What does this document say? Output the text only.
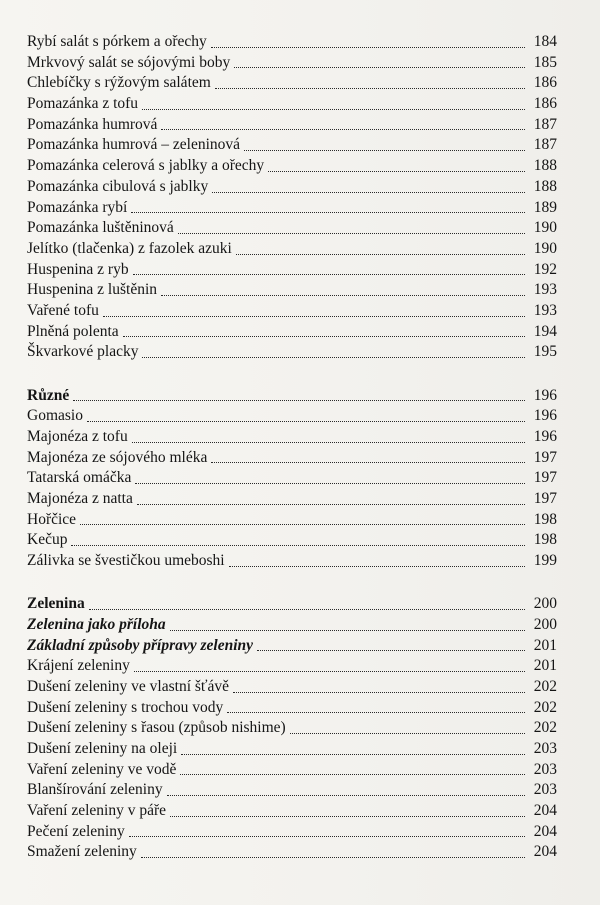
Rybí salát s pórkem a ořechy	184
Mrkvový salát se sójovými boby	185
Chlebíčky s rýžovým salátem	186
Pomazánka z tofu	186
Pomazánka humrová	187
Pomazánka humrová – zeleninová	187
Pomazánka celerová s jablky a ořechy	188
Pomazánka cibulová s jablky	188
Pomazánka rybí	189
Pomazánka luštěninová	190
Jelítko (tlačenka) z fazolek azuki	190
Huspenina z ryb	192
Huspenina z luštěnin	193
Vařené tofu	193
Plněná polenta	194
Škvarkové placky	195
Různé	196
Gomasio	196
Majonéza z tofu	196
Majonéza ze sójového mléka	197
Tatarská omáčka	197
Majonéza z natta	197
Hořčice	198
Kečup	198
Zálivka se švestičkou umeboshi	199
Zelenina	200
Zelenina jako příloha	200
Základní způsoby přípravy zeleniny	201
Krájení zeleniny	201
Dušení zeleniny ve vlastní šťávě	202
Dušení zeleniny s trochou vody	202
Dušení zeleniny s řasou (způsob nishime)	202
Dušení zeleniny na oleji	203
Vaření zeleniny ve vodě	203
Blanšírování zeleniny	203
Vaření zeleniny v páře	204
Pečení zeleniny	204
Smažení zeleniny	204
